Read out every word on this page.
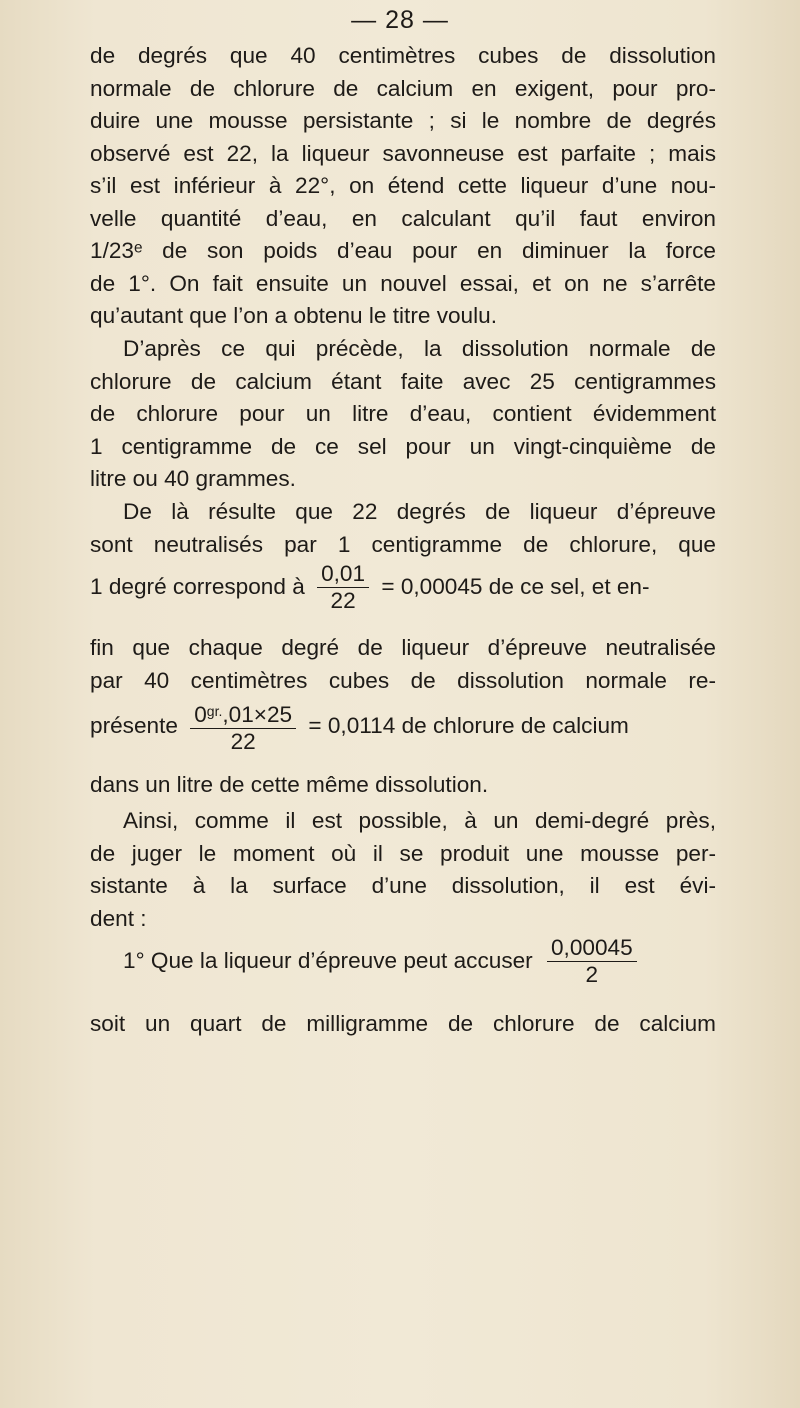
— 28 —
de degrés que 40 centimètres cubes de dissolution
normale de chlorure de calcium en exigent, pour pro-
duire une mousse persistante ; si le nombre de degrés
observé est 22, la liqueur savonneuse est parfaite ; mais
s’il est inférieur à 22°, on étend cette liqueur d’une nou-
velle quantité d’eau, en calculant qu’il faut environ
1/23ᵉ de son poids d’eau pour en diminuer la force
de 1°. On fait ensuite un nouvel essai, et on ne s’arrête
qu’autant que l’on a obtenu le titre voulu.
D’après ce qui précède, la dissolution normale de
chlorure de calcium étant faite avec 25 centigrammes
de chlorure pour un litre d’eau, contient évidemment
1 centigramme de ce sel pour un vingt-cinquième de
litre ou 40 grammes.
De là résulte que 22 degrés de liqueur d’épreuve
sont neutralisés par 1 centigramme de chlorure, que
1 degré correspond à $\frac{0,01}{22} = 0,00045$ de ce sel, et en-
fin que chaque degré de liqueur d’épreuve neutralisée
par 40 centimètres cubes de dissolution normale re-
présente $\frac{0^{gr.},01\times 25}{22} = 0,0114$ de chlorure de calcium
dans un litre de cette même dissolution.
Ainsi, comme il est possible, à un demi-degré près,
de juger le moment où il se produit une mousse per-
sistante à la surface d’une dissolution, il est évi-
dent :
1° Que la liqueur d’épreuve peut accuser $\frac{0,00045}{2}$
soit un quart de milligramme de chlorure de calcium
